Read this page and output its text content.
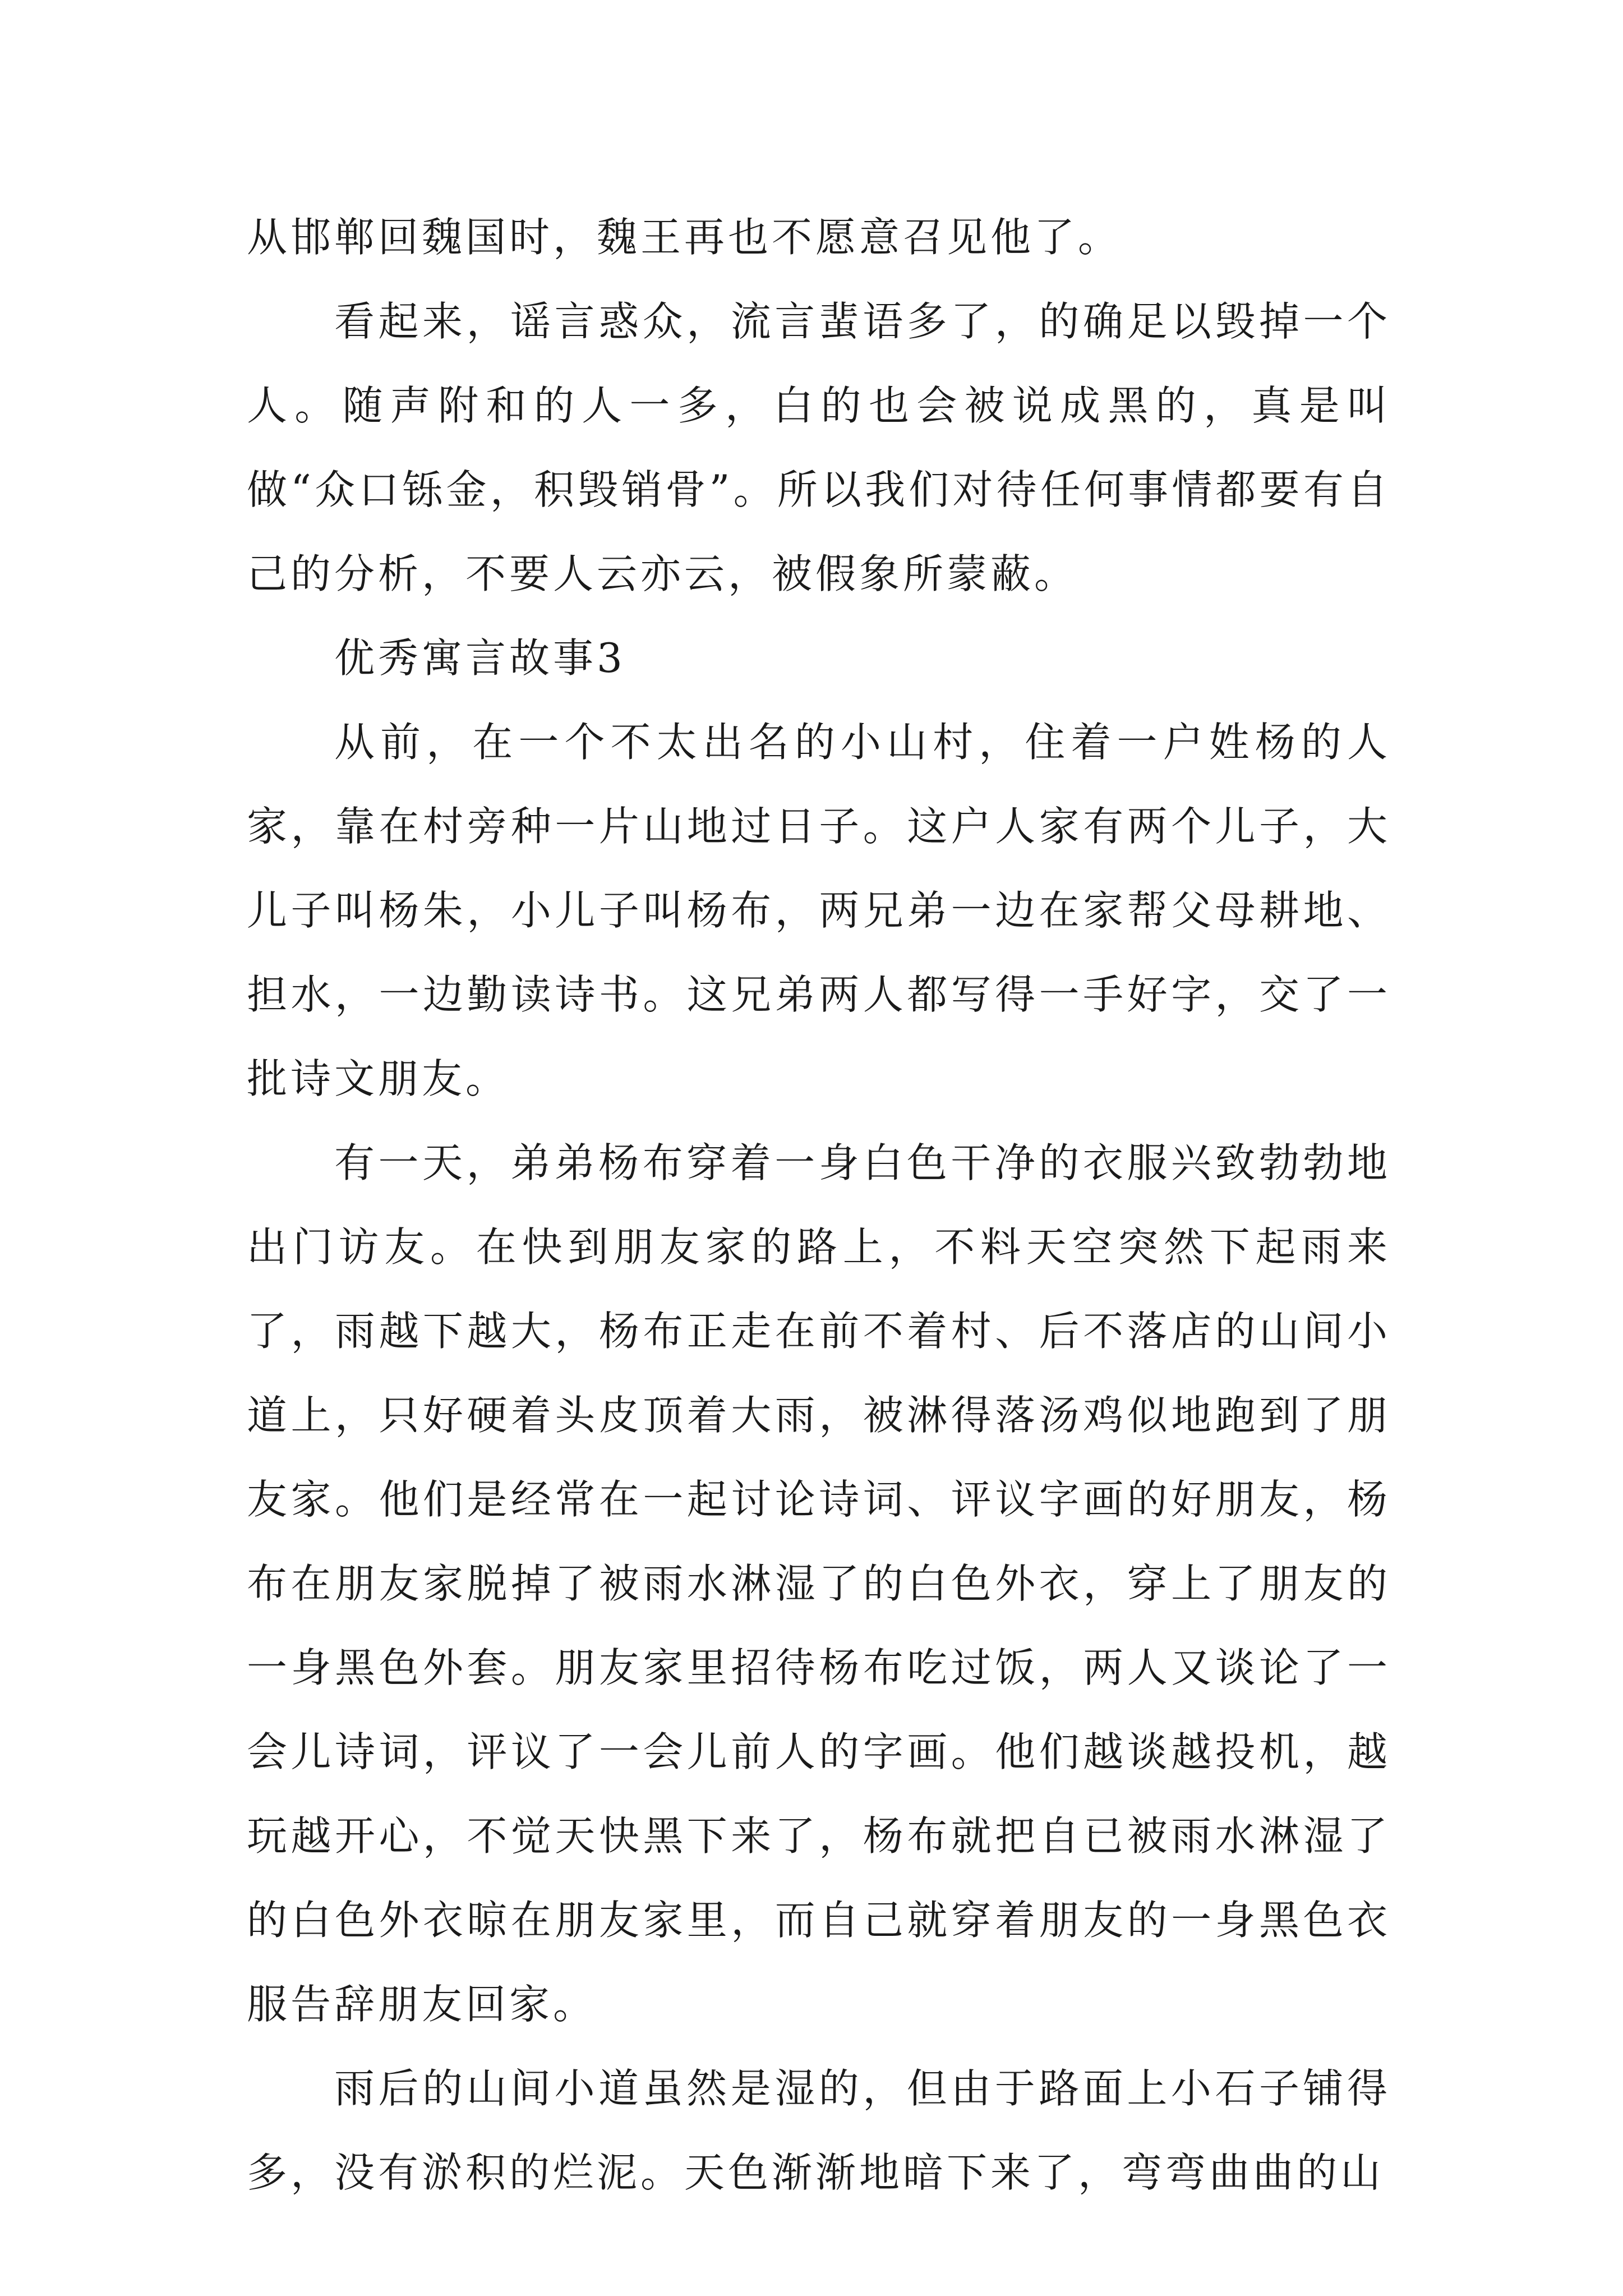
从邯郸回魏国时，魏王再也不愿意召见他了。

看起来，谣言惑众，流言蜚语多了，的确足以毁掉一个人。随声附和的人一多，白的也会被说成黑的，真是叫做“众口铄金，积毁销骨”。所以我们对待任何事情都要有自己的分析，不要人云亦云，被假象所蒙蔽。

优秀寓言故事3

从前，在一个不太出名的小山村，住着一户姓杨的人家，靠在村旁种一片山地过日子。这户人家有两个儿子，大儿子叫杨朱，小儿子叫杨布，两兄弟一边在家帮父母耕地、担水，一边勤读诗书。这兄弟两人都写得一手好字，交了一批诗文朋友。

有一天，弟弟杨布穿着一身白色干净的衣服兴致勃勃地出门访友。在快到朋友家的路上，不料天空突然下起雨来了，雨越下越大，杨布正走在前不着村、后不落店的山间小道上，只好硬着头皮顶着大雨，被淋得落汤鸡似地跑到了朋友家。他们是经常在一起讨论诗词、评议字画的好朋友，杨布在朋友家脱掉了被雨水淋湿了的白色外衣，穿上了朋友的一身黑色外套。朋友家里招待杨布吃过饭，两人又谈论了一会儿诗词，评议了一会儿前人的字画。他们越谈越投机，越玩越开心，不觉天快黑下来了，杨布就把自已被雨水淋湿了的白色外衣晾在朋友家里，而自己就穿着朋友的一身黑色衣服告辞朋友回家。

雨后的山间小道虽然是湿的，但由于路面上小石子铺得多，没有淤积的烂泥。天色渐渐地暗下来了，弯弯曲曲的山
